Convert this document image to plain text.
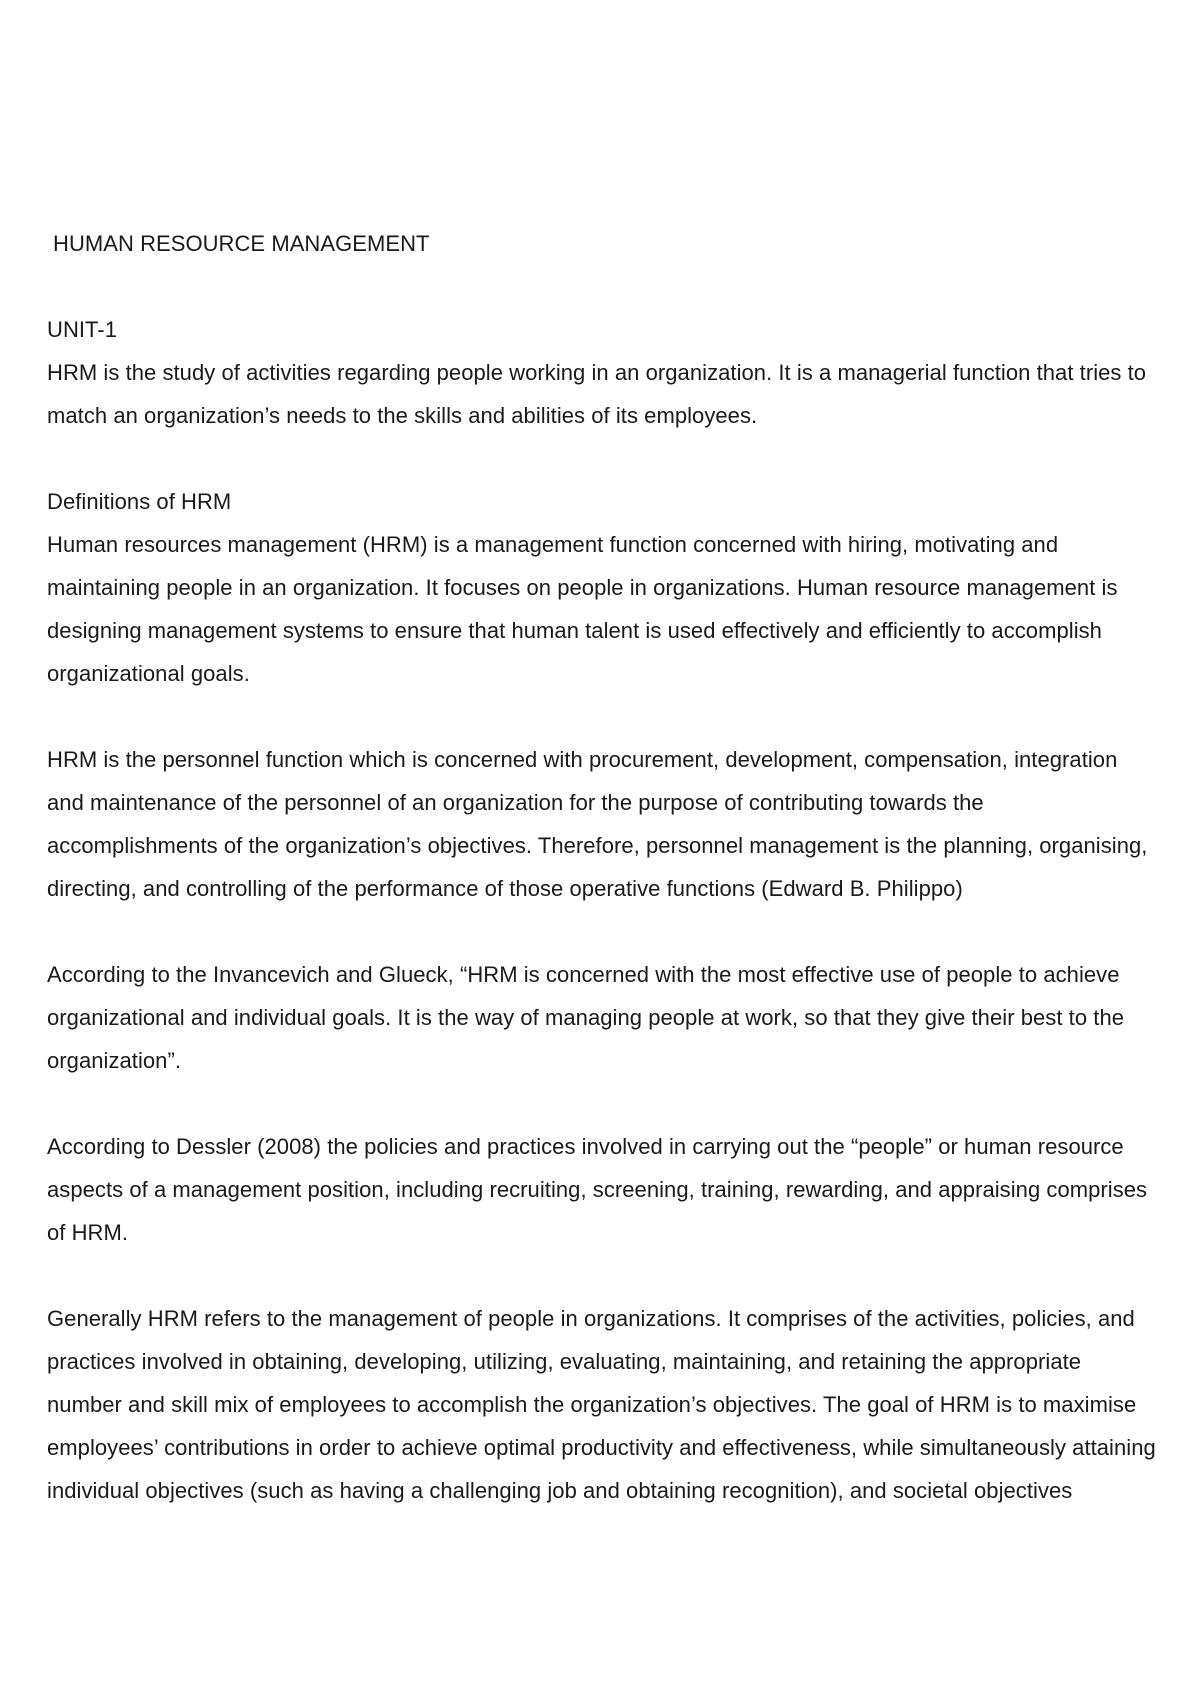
HUMAN RESOURCE MANAGEMENT
UNIT-1

HRM is the study of activities regarding people working in an organization. It is a managerial function that tries to match an organization’s needs to the skills and abilities of its employees.

Definitions of HRM

Human resources management (HRM) is a management function concerned with hiring, motivating and maintaining people in an organization. It focuses on people in organizations. Human resource management is designing management systems to ensure that human talent is used effectively and efficiently to accomplish organizational goals.

HRM is the personnel function which is concerned with procurement, development, compensation, integration and maintenance of the personnel of an organization for the purpose of contributing towards the accomplishments of the organization’s objectives. Therefore, personnel management is the planning, organising, directing, and controlling of the performance of those operative functions (Edward B. Philippo)

According to the Invancevich and Glueck, “HRM is concerned with the most effective use of people to achieve organizational and individual goals. It is the way of managing people at work, so that they give their best to the organization”.

According to Dessler (2008) the policies and practices involved in carrying out the “people” or human resource aspects of a management position, including recruiting, screening, training, rewarding, and appraising comprises of HRM.

Generally HRM refers to the management of people in organizations. It comprises of the activities, policies, and practices involved in obtaining, developing, utilizing, evaluating, maintaining, and retaining the appropriate number and skill mix of employees to accomplish the organization’s objectives. The goal of HRM is to maximise employees’ contributions in order to achieve optimal productivity and effectiveness, while simultaneously attaining individual objectives (such as having a challenging job and obtaining recognition), and societal objectives
